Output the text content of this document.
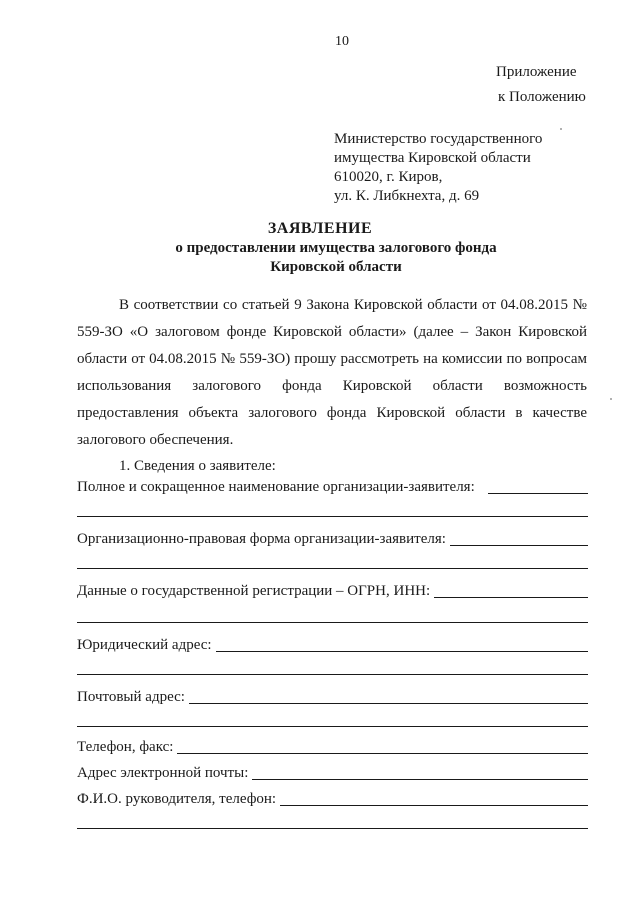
10
Приложение
к Положению
Министерство государственного
имущества Кировской области
610020, г. Киров,
ул. К. Либкнехта, д. 69
ЗАЯВЛЕНИЕ
о предоставлении имущества залогового фонда
Кировской области
В соответствии со статьей 9 Закона Кировской области от 04.08.2015 № 559-ЗО «О залоговом фонде Кировской области» (далее – Закон Кировской области от 04.08.2015 № 559-ЗО) прошу рассмотреть на комиссии по вопросам использования залогового фонда Кировской области возможность предоставления объекта залогового фонда Кировской области в качестве залогового обеспечения.
1. Сведения о заявителе:
Полное и сокращенное наименование организации-заявителя:
Организационно-правовая форма организации-заявителя:
Данные о государственной регистрации – ОГРН, ИНН:
Юридический адрес:
Почтовый адрес:
Телефон, факс:
Адрес электронной почты:
Ф.И.О. руководителя, телефон:
